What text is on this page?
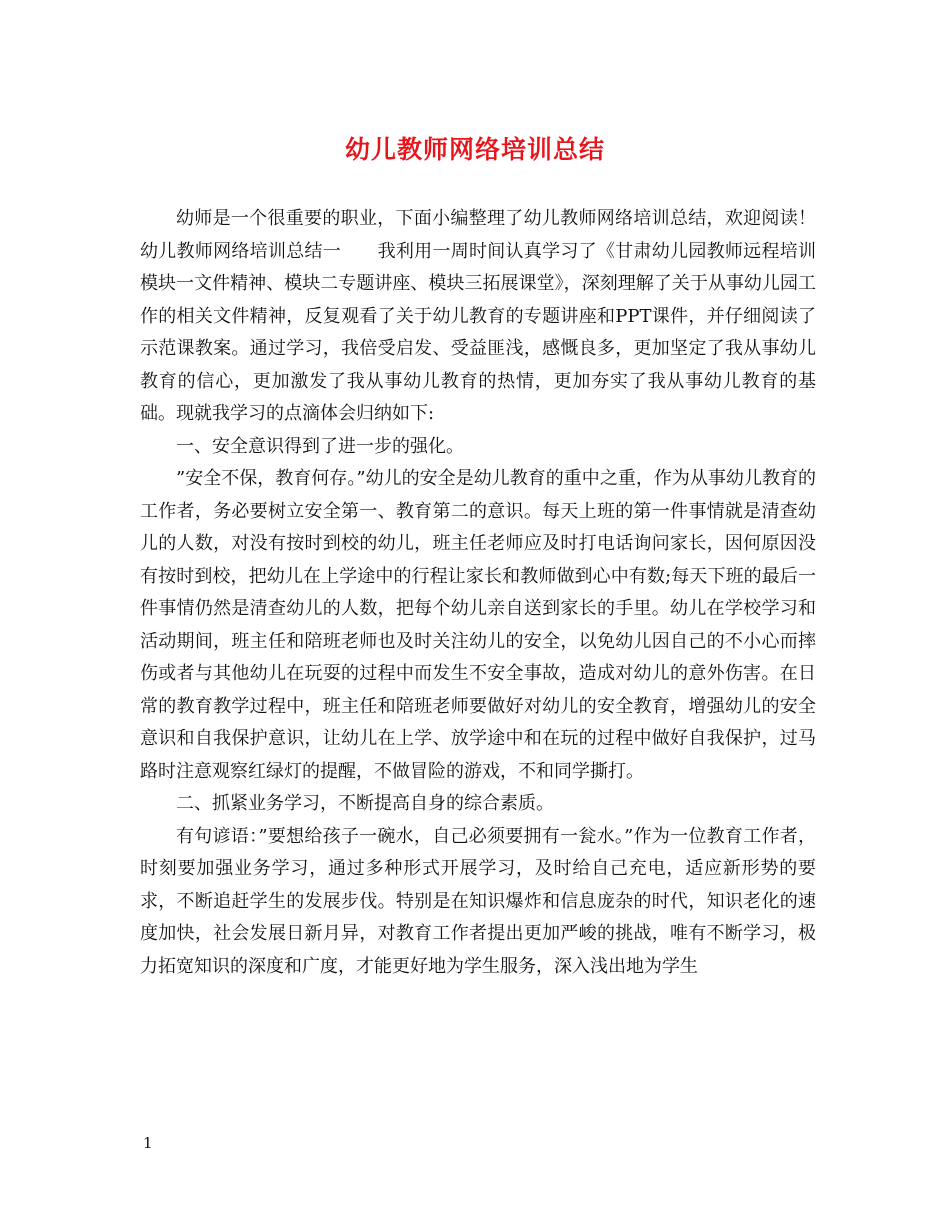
幼儿教师网络培训总结

幼师是一个很重要的职业，下面小编整理了幼儿教师网络培训总结，欢迎阅读！幼儿教师网络培训总结一　　我利用一周时间认真学习了《甘肃幼儿园教师远程培训模块一文件精神、模块二专题讲座、模块三拓展课堂》，深刻理解了关于从事幼儿园工作的相关文件精神，反复观看了关于幼儿教育的专题讲座和PPT课件，并仔细阅读了示范课教案。通过学习，我倍受启发、受益匪浅，感慨良多，更加坚定了我从事幼儿教育的信心，更加激发了我从事幼儿教育的热情，更加夯实了我从事幼儿教育的基础。现就我学习的点滴体会归纳如下:

一、安全意识得到了进一步的强化。

”安全不保，教育何存。”幼儿的安全是幼儿教育的重中之重，作为从事幼儿教育的工作者，务必要树立安全第一、教育第二的意识。每天上班的第一件事情就是清查幼儿的人数，对没有按时到校的幼儿，班主任老师应及时打电话询问家长，因何原因没有按时到校，把幼儿在上学途中的行程让家长和教师做到心中有数;每天下班的最后一件事情仍然是清查幼儿的人数，把每个幼儿亲自送到家长的手里。幼儿在学校学习和活动期间，班主任和陪班老师也及时关注幼儿的安全，以免幼儿因自己的不小心而摔伤或者与其他幼儿在玩耍的过程中而发生不安全事故，造成对幼儿的意外伤害。在日常的教育教学过程中，班主任和陪班老师要做好对幼儿的安全教育，增强幼儿的安全意识和自我保护意识，让幼儿在上学、放学途中和在玩的过程中做好自我保护，过马路时注意观察红绿灯的提醒，不做冒险的游戏，不和同学撕打。

二、抓紧业务学习，不断提高自身的综合素质。

有句谚语：”要想给孩子一碗水，自己必须要拥有一瓮水。”作为一位教育工作者，时刻要加强业务学习，通过多种形式开展学习，及时给自己充电，适应新形势的要求，不断追赶学生的发展步伐。特别是在知识爆炸和信息庞杂的时代，知识老化的速度加快，社会发展日新月异，对教育工作者提出更加严峻的挑战，唯有不断学习，极力拓宽知识的深度和广度，才能更好地为学生服务，深入浅出地为学生

1
